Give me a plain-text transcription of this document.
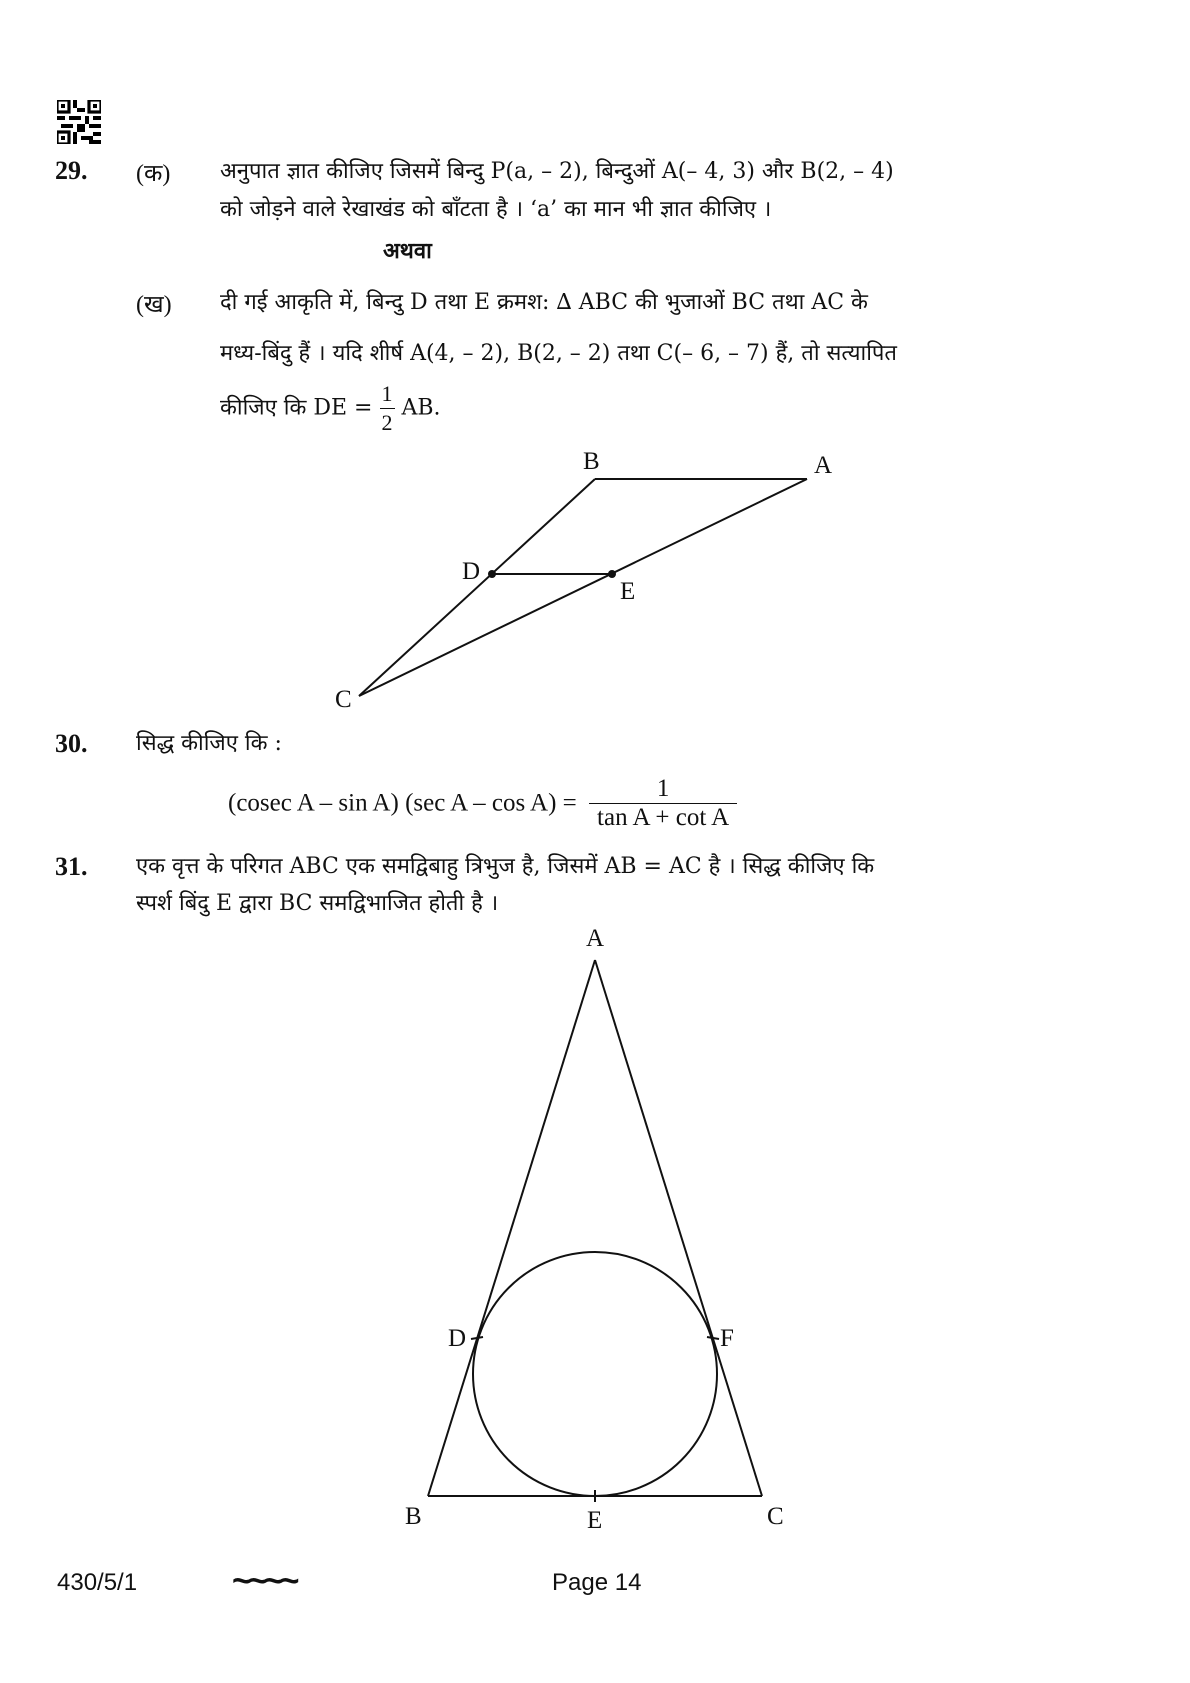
29. (क) अनुपात ज्ञात कीजिए जिसमें बिन्दु P(a, – 2), बिन्दुओं A(– 4, 3) और B(2, – 4)
को जोड़ने वाले रेखाखंड को बाँटता है । ‘a’ का मान भी ज्ञात कीजिए ।
अथवा
(ख) दी गई आकृति में, बिन्दु D तथा E क्रमश: ∆ ABC की भुजाओं BC तथा AC के
मध्य-बिंदु हैं । यदि शीर्ष A(4, – 2), B(2, – 2) तथा C(– 6, – 7) हैं, तो सत्यापित
कीजिए कि DE = $\frac{1}{2}$ AB.
B	A
D
E
C
30. सिद्ध कीजिए कि :
(cosec A – sin A) (sec $A - \cos A) = \frac{1}{\text{tan A + cot A}}$
31. एक वृत्त के परिगत ABC एक समद्विबाहु त्रिभुज है, जिसमें AB = AC है । सिद्ध कीजिए कि
स्पर्श बिंदु E द्वारा BC समद्विभाजित होती है ।
A
D	F
B	E	C
430/5/1	~~~~	Page 14
